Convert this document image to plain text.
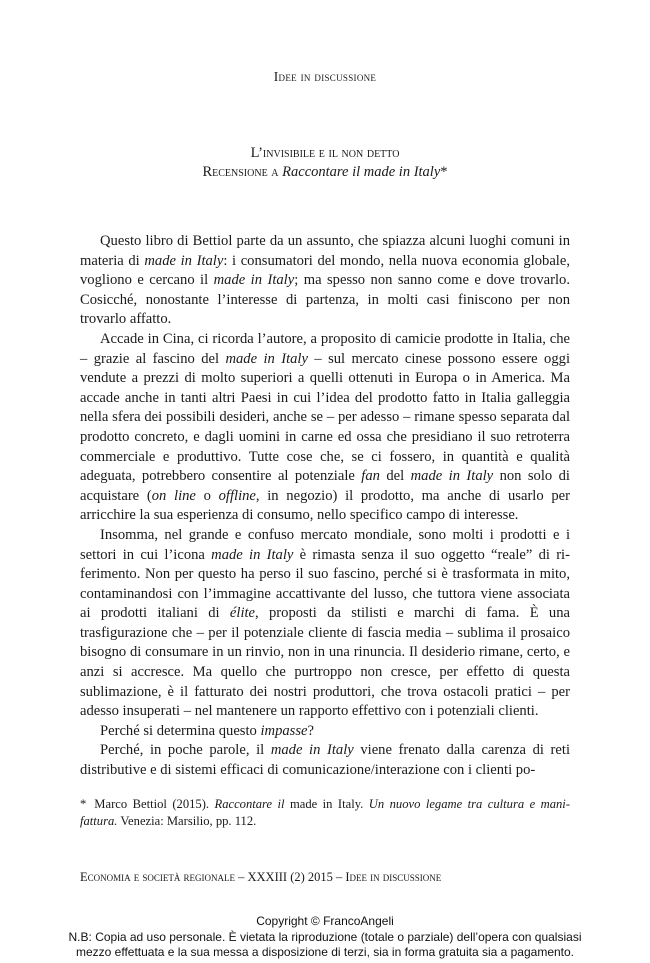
Idee in discussione
L’invisibile e il non detto
Recensione a Raccontare il made in Italy*

Questo libro di Bettiol parte da un assunto, che spiazza alcuni luoghi comuni in materia di made in Italy: i consumatori del mondo, nella nuova economia globale, vogliono e cercano il made in Italy; ma spesso non sanno come e dove trovarlo. Cosicché, nonostante l’interesse di partenza, in molti casi finiscono per non trovarlo affatto.

Accade in Cina, ci ricorda l’autore, a proposito di camicie prodotte in Italia, che – grazie al fascino del made in Italy – sul mercato cinese possono essere oggi vendute a prezzi di molto superiori a quelli ottenuti in Europa o in America. Ma accade anche in tanti altri Paesi in cui l’idea del prodotto fatto in Italia galleggia nella sfera dei possibili desideri, anche se – per adesso – rimane spesso separata dal prodotto concreto, e dagli uomini in carne ed ossa che presidiano il suo retroterra commerciale e produttivo. Tutte cose che, se ci fossero, in quantità e qualità adeguata, potrebbero consentire al potenziale fan del made in Italy non solo di acquistare (on line o offline, in negozio) il prodotto, ma anche di usarlo per arricchire la sua esperienza di consumo, nello specifico campo di interesse.

Insomma, nel grande e confuso mercato mondiale, sono molti i prodotti e i settori in cui l’icona made in Italy è rimasta senza il suo oggetto “reale” di riferimento. Non per questo ha perso il suo fascino, perché si è trasformata in mito, contaminandosi con l’immagine accattivante del lusso, che tuttora viene associata ai prodotti italiani di élite, proposti da stilisti e marchi di fama. È una trasfigurazione che – per il potenziale cliente di fascia media – sublima il prosaico bisogno di consumare in un rinvio, non in una rinuncia. Il desiderio rimane, certo, e anzi si accresce. Ma quello che purtroppo non cresce, per effetto di questa sublimazione, è il fatturato dei nostri produttori, che trova ostacoli pratici – per adesso insuperati – nel mantenere un rapporto effettivo con i potenziali clienti.

Perché si determina questo impasse?

Perché, in poche parole, il made in Italy viene frenato dalla carenza di reti distributive e di sistemi efficaci di comunicazione/interazione con i clienti po-

* Marco Bettiol (2015). Raccontare il made in Italy. Un nuovo legame tra cultura e manifattura. Venezia: Marsilio, pp. 112.
Economia e società regionale – XXXIII (2) 2015 – Idee in discussione
Copyright © FrancoAngeli
N.B: Copia ad uso personale. È vietata la riproduzione (totale o parziale) dell’opera con qualsiasi
mezzo effettuata e la sua messa a disposizione di terzi, sia in forma gratuita sia a pagamento.
